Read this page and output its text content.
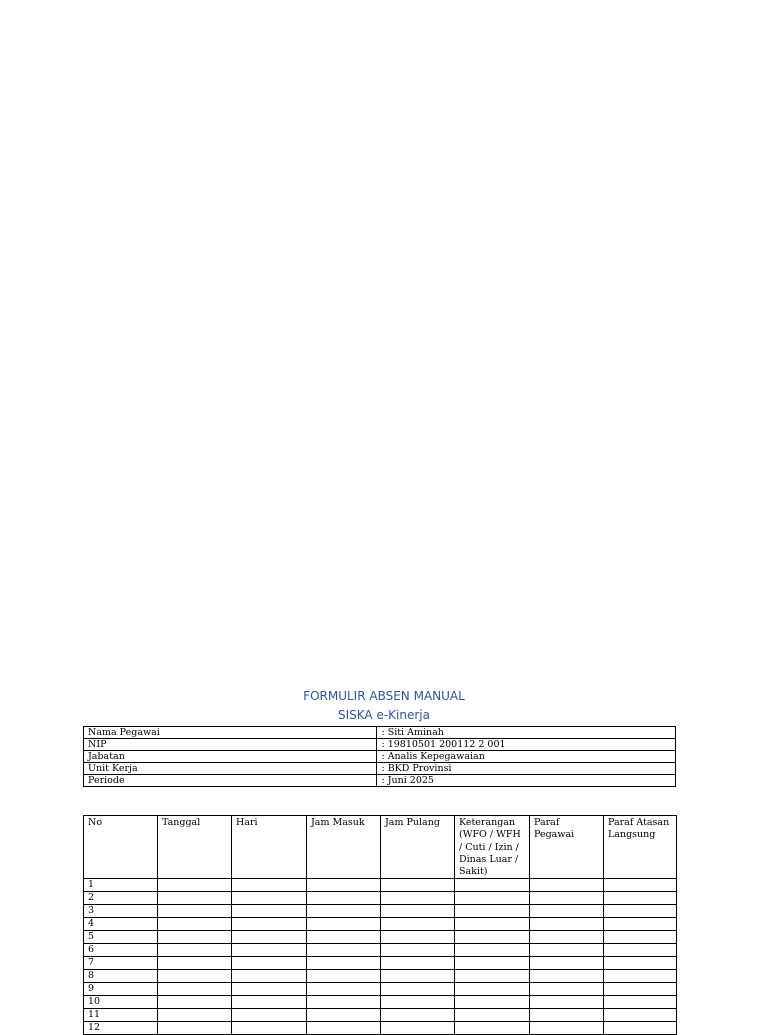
FORMULIR ABSEN MANUAL
SISKA e-Kinerja
Nama Pegawai	: Siti Aminah
NIP	: 19810501 200112 2 001
Jabatan	: Analis Kepegawaian
Unit Kerja	: BKD Provinsi
Periode	: Juni 2025
No	Tanggal	Hari	Jam Masuk	Jam Pulang	Keterangan (WFO / WFH / Cuti / Izin / Dinas Luar / Sakit)	Paraf Pegawai	Paraf Atasan Langsung
1							
2							
3							
4							
5							
6							
7							
8							
9							
10							
11							
12							
